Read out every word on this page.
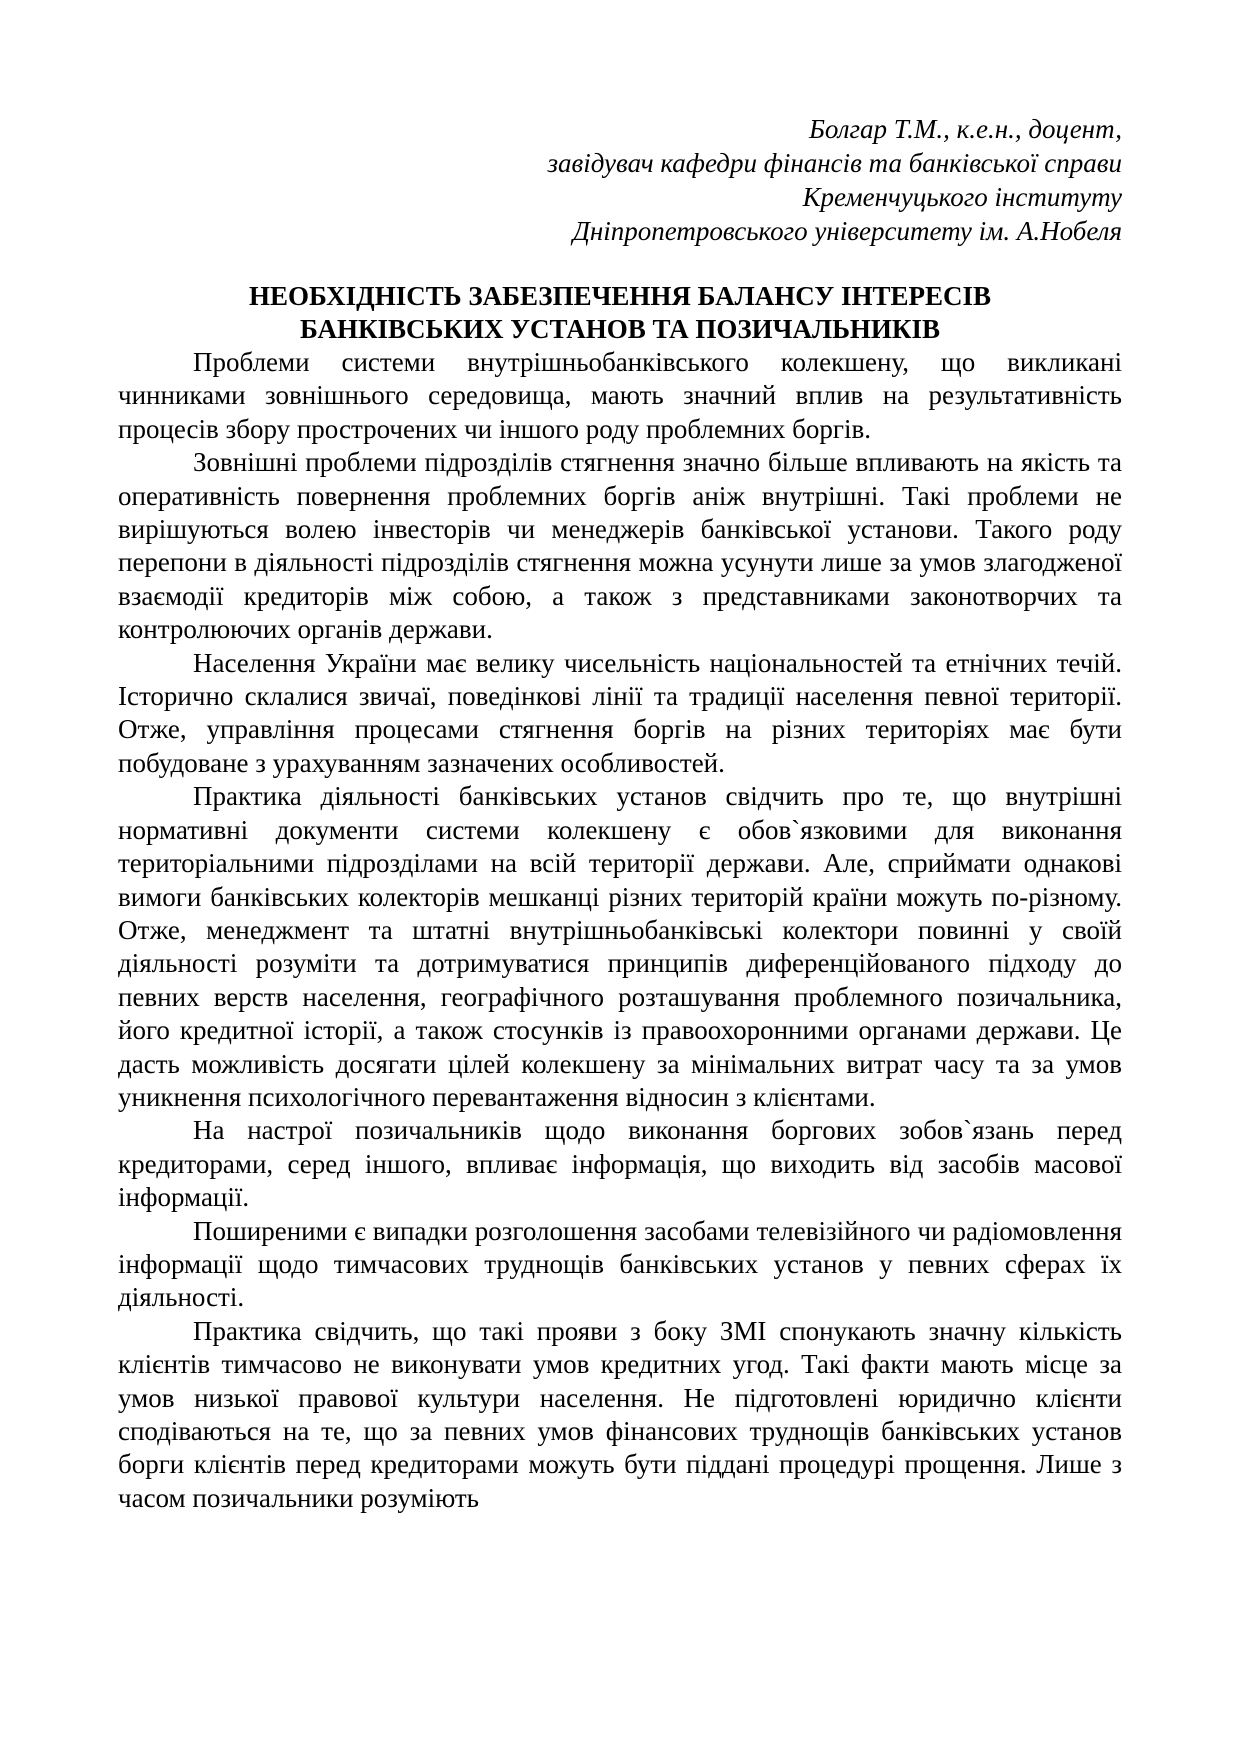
Болгар Т.М., к.е.н., доцент,
завідувач кафедри фінансів та банківської справи
Кременчуцького інституту
Дніпропетровського університету ім. А.Нобеля
НЕОБХІДНІСТЬ ЗАБЕЗПЕЧЕННЯ БАЛАНСУ ІНТЕРЕСІВ
БАНКІВСЬКИХ УСТАНОВ ТА ПОЗИЧАЛЬНИКІВ

Проблеми системи внутрішньобанківського колекшену, що викликані чинниками зовнішнього середовища, мають значний вплив на результативність процесів збору прострочених чи іншого роду проблемних боргів.

Зовнішні проблеми підрозділів стягнення значно більше впливають на якість та оперативність повернення проблемних боргів аніж внутрішні. Такі проблеми не вирішуються волею інвесторів чи менеджерів банківської установи. Такого роду перепони в діяльності підрозділів стягнення можна усунути лише за умов злагодженої взаємодії кредиторів між собою, а також з представниками законотворчих та контролюючих органів держави.

Населення України має велику чисельність національностей та етнічних течій. Історично склалися звичаї, поведінкові лінії та традиції населення певної території. Отже, управління процесами стягнення боргів на різних територіях має бути побудоване з урахуванням зазначених особливостей.

Практика діяльності банківських установ свідчить про те, що внутрішні нормативні документи системи колекшену є обов`язковими для виконання територіальними підрозділами на всій території держави. Але, сприймати однакові вимоги банківських колекторів мешканці різних територій країни можуть по-різному. Отже, менеджмент та штатні внутрішньобанківські колектори повинні у своїй діяльності розуміти та дотримуватися принципів диференційованого підходу до певних верств населення, географічного розташування проблемного позичальника, його кредитної історії, а також стосунків із правоохоронними органами держави. Це дасть можливість досягати цілей колекшену за мінімальних витрат часу та за умов уникнення психологічного перевантаження відносин з клієнтами.

На настрої позичальників щодо виконання боргових зобов`язань перед кредиторами, серед іншого, впливає інформація, що виходить від засобів масової інформації.

Поширеними є випадки розголошення засобами телевізійного чи радіомовлення інформації щодо тимчасових труднощів банківських установ у певних сферах їх діяльності.

Практика свідчить, що такі прояви з боку ЗМІ спонукають значну кількість клієнтів тимчасово не виконувати умов кредитних угод. Такі факти мають місце за умов низької правової культури населення. Не підготовлені юридично клієнти сподіваються на те, що за певних умов фінансових труднощів банківських установ борги клієнтів перед кредиторами можуть бути піддані процедурі прощення. Лише з часом позичальники розуміють
